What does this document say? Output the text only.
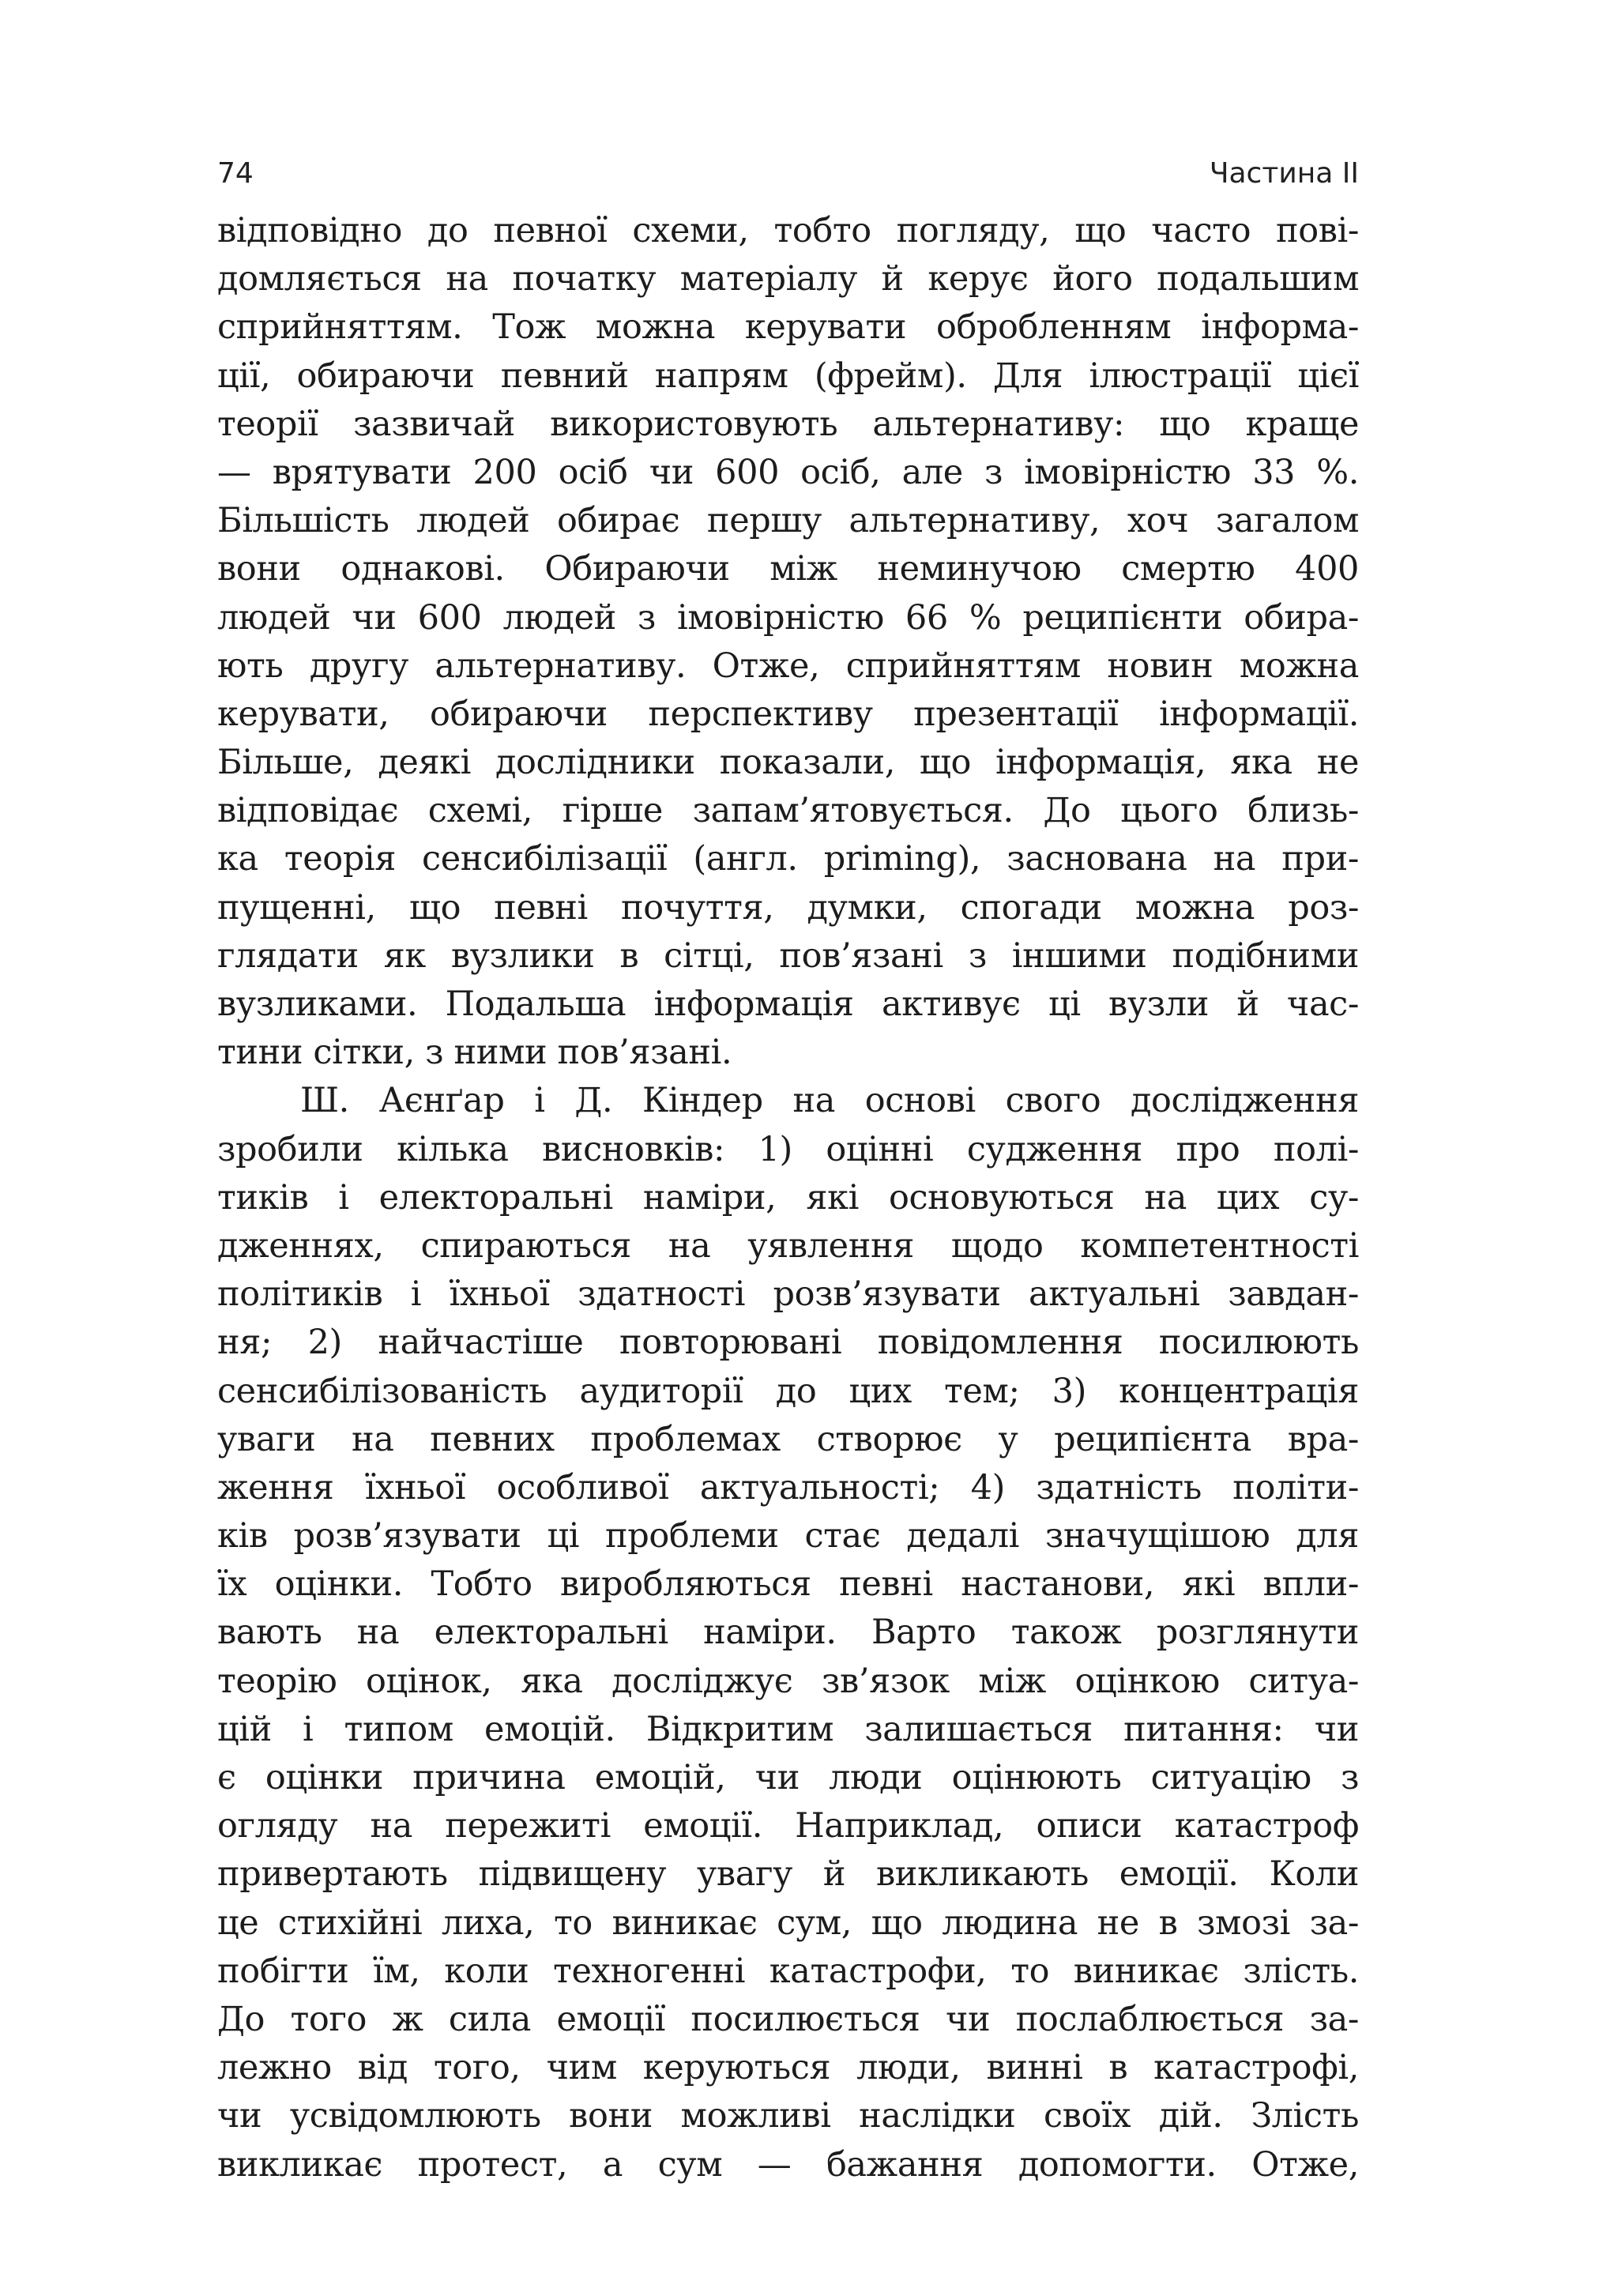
74	Частина II
відповідно до певної схеми, тобто погляду, що часто пові-
домляється на початку матеріалу й керує його подальшим
сприйняттям. Тож можна керувати обробленням інформа-
ції, обираючи певний напрям (фрейм). Для ілюстрації цієї
теорії зазвичай використовують альтернативу: що краще
— врятувати 200 осіб чи 600 осіб, але з імовірністю 33 %.
Більшість людей обирає першу альтернативу, хоч загалом
вони однакові. Обираючи між неминучою смертю 400
людей чи 600 людей з імовірністю 66 % реципієнти обира-
ють другу альтернативу. Отже, сприйняттям новин можна
керувати, обираючи перспективу презентації інформації.
Більше, деякі дослідники показали, що інформація, яка не
відповідає схемі, гірше запам’ятовується. До цього близь-
ка теорія сенсибілізації (англ. priming), заснована на при-
пущенні, що певні почуття, думки, спогади можна роз-
глядати як вузлики в сітці, пов’язані з іншими подібними
вузликами. Подальша інформація активує ці вузли й час-
тини сітки, з ними пов’язані.
Ш. Аєнґар і Д. Кіндер на основі свого дослідження
зробили кілька висновків: 1) оцінні судження про полі-
тиків і електоральні наміри, які основуються на цих су-
дженнях, спираються на уявлення щодо компетентності
політиків і їхньої здатності розв’язувати актуальні завдан-
ня; 2) найчастіше повторювані повідомлення посилюють
сенсибілізованість аудиторії до цих тем; 3) концентрація
уваги на певних проблемах створює у реципієнта вра-
ження їхньої особливої актуальності; 4) здатність політи-
ків розв’язувати ці проблеми стає дедалі значущішою для
їх оцінки. Тобто виробляються певні настанови, які впли-
вають на електоральні наміри. Варто також розглянути
теорію оцінок, яка досліджує зв’язок між оцінкою ситуа-
цій і типом емоцій. Відкритим залишається питання: чи
є оцінки причина емоцій, чи люди оцінюють ситуацію з
огляду на пережиті емоції. Наприклад, описи катастроф
привертають підвищену увагу й викликають емоції. Коли
це стихійні лиха, то виникає сум, що людина не в змозі за-
побігти їм, коли техногенні катастрофи, то виникає злість.
До того ж сила емоції посилюється чи послаблюється за-
лежно від того, чим керуються люди, винні в катастрофі,
чи усвідомлюють вони можливі наслідки своїх дій. Злість
викликає протест, а сум — бажання допомогти. Отже,
